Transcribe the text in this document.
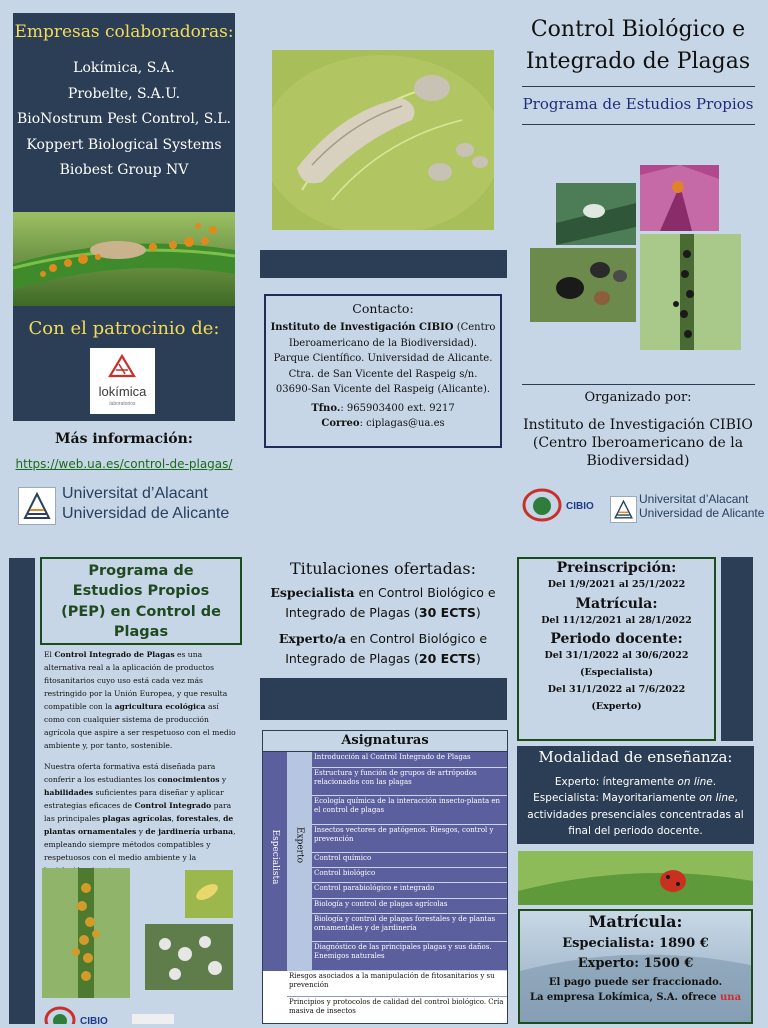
Empresas colaboradoras:
Lokímica, S.A.
Probelte, S.A.U.
BioNostrum Pest Control, S.L.
Koppert Biological Systems
Biobest Group NV
Con el patrocinio de:
lokímica
laboratorios
Más información:
https://web.ua.es/control-de-plagas/
Universitat d’Alacant
Universidad de Alicante
Contacto:
Instituto de Investigación CIBIO (Centro Iberoamericano de la Biodiversidad).
Parque Científico. Universidad de Alicante.
Ctra. de San Vicente del Raspeig s/n.
03690-San Vicente del Raspeig (Alicante).
Tfno.: 965903400 ext. 9217
Correo: ciplagas@ua.es
Control Biológico e
Integrado de Plagas
Programa de Estudios Propios
Organizado por:
Instituto de Investigación CIBIO
(Centro Iberoamericano de la
Biodiversidad)
CIBIO
Universitat d’Alacant
Universidad de Alicante
Programa de
Estudios Propios
(PEP) en Control de
Plagas
El Control Integrado de Plagas es una alternativa real a la aplicación de productos fitosanitarios cuyo uso está cada vez más restringido por la Unión Europea, y que resulta compatible con la agricultura ecológica así como con cualquier sistema de producción agrícola que aspire a ser respetuoso con el medio ambiente y, por tanto, sostenible.
Nuestra oferta formativa está diseñada para conferir a los estudiantes los conocimientos y habilidades suficientes para diseñar y aplicar estrategias eficaces de Control Integrado para las principales plagas agrícolas, forestales, de plantas ornamentales y de jardinería urbana, empleando siempre métodos compatibles y respetuosos con el medio ambiente y la
CIBIO
Titulaciones ofertadas:
Especialista en Control Biológico e Integrado de Plagas (30 ECTS)
Experto/a en Control Biológico e Integrado de Plagas (20 ECTS)
Asignaturas
Especialista Experto
Introducción al Control Integrado de Plagas
Estructura y función de grupos de artrópodos relacionados con las plagas
Ecología química de la interacción insecto-planta en el control de plagas
Insectos vectores de patógenos. Riesgos, control y prevención
Control químico
Control biológico
Control parabiológico e integrado
Biología y control de plagas agrícolas
Biología y control de plagas forestales y de plantas ornamentales y de jardinería
Diagnóstico de las principales plagas y sus daños. Enemigos naturales
Riesgos asociados a la manipulación de fitosanitarios y su prevención
Principios y protocolos de calidad del control biológico. Cría masiva de insectos
Preinscripción:
Del 1/9/2021 al 25/1/2022
Matrícula:
Del 11/12/2021 al 28/1/2022
Periodo docente:
Del 31/1/2022 al 30/6/2022
(Especialista)
Del 31/1/2022 al 7/6/2022
(Experto)
Modalidad de enseñanza:
Experto: íntegramente on line.
Especialista: Mayoritariamente on line, actividades presenciales concentradas al final del periodo docente.
Matrícula:
Especialista: 1890 €
Experto: 1500 €
El pago puede ser fraccionado.
La empresa Lokímica, S.A. ofrece una
